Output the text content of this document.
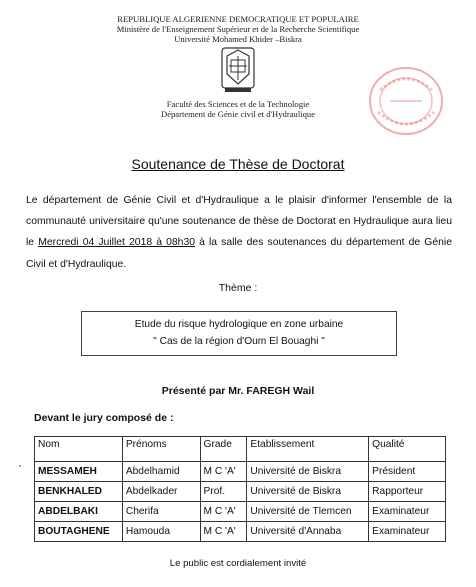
REPUBLIQUE ALGERIENNE DEMOCRATIQUE ET POPULAIRE
Ministère de l'Enseignement Supérieur et de la Recherche Scientifique
Université Mohamed Khider –Biskra
Faculté des Sciences et de la Technologie
Département de Génie civil et d'Hydraulique
Soutenance de Thèse de Doctorat
Le département de Génie Civil et d'Hydraulique a le plaisir d'informer l'ensemble de la communauté universitaire qu'une soutenance de thèse de Doctorat en Hydraulique aura lieu le Mercredi 04 Juillet 2018 à 08h30 à la salle des soutenances du département de Génie Civil et d'Hydraulique.
Thème :
Etude du risque hydrologique en zone urbaine
" Cas de la région d'Oum El Bouaghi "
Présenté par Mr. FAREGH Wail
Devant le jury composé de :
Nom	Prénoms	Grade	Etablissement	Qualité
MESSAMEH	Abdelhamid	M C 'A'	Université de Biskra	Président
BENKHALED	Abdelkader	Prof.	Université de Biskra	Rapporteur
ABDELBAKI	Cherifa	M C 'A'	Université de Tlemcen	Examinateur
BOUTAGHENE	Hamouda	M C 'A'	Université d'Annaba	Examinateur
Le public est cordialement invité
